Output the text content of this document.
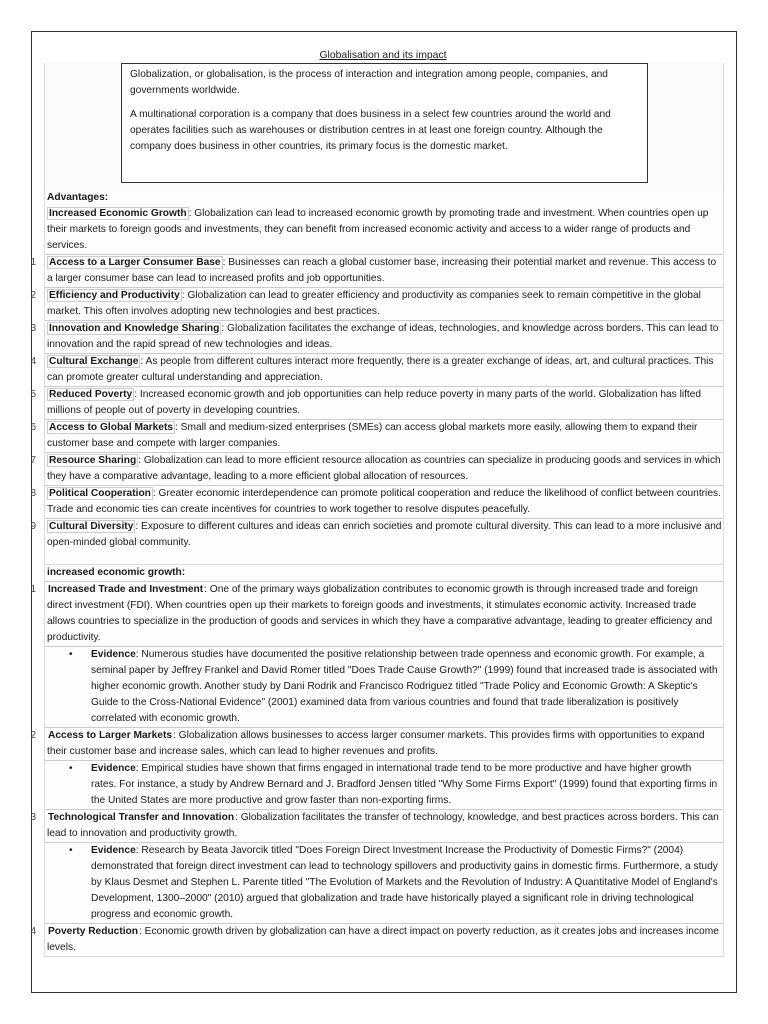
Globalisation and its impact

Globalization, or globalisation, is the process of interaction and integration among people, companies, and governments worldwide.

A multinational corporation is a company that does business in a select few countries around the world and operates facilities such as warehouses or distribution centres in at least one foreign country. Although the company does business in other countries, its primary focus is the domestic market.

Advantages:
Increased Economic Growth : Globalization can lead to increased economic growth by promoting trade and investment. When countries open up their markets to foreign goods and investments, they can benefit from increased economic activity and access to a wider range of products and services.
1 Access to a Larger Consumer Base : Businesses can reach a global customer base, increasing their potential market and revenue. This access to a larger consumer base can lead to increased profits and job opportunities.
2 Efficiency and Productivity : Globalization can lead to greater efficiency and productivity as companies seek to remain competitive in the global market. This often involves adopting new technologies and best practices.
3 Innovation and Knowledge Sharing : Globalization facilitates the exchange of ideas, technologies, and knowledge across borders. This can lead to innovation and the rapid spread of new technologies and ideas.
4 Cultural Exchange : As people from different cultures interact more frequently, there is a greater exchange of ideas, art, and cultural practices. This can promote greater cultural understanding and appreciation.
5 Reduced Poverty : Increased economic growth and job opportunities can help reduce poverty in many parts of the world. Globalization has lifted millions of people out of poverty in developing countries.
6 Access to Global Markets : Small and medium-sized enterprises (SMEs) can access global markets more easily, allowing them to expand their customer base and compete with larger companies.
7 Resource Sharing : Globalization can lead to more efficient resource allocation as countries can specialize in producing goods and services in which they have a comparative advantage, leading to a more efficient global allocation of resources.
8 Political Cooperation : Greater economic interdependence can promote political cooperation and reduce the likelihood of conflict between countries. Trade and economic ties can create incentives for countries to work together to resolve disputes peacefully.
9 Cultural Diversity : Exposure to different cultures and ideas can enrich societies and promote cultural diversity. This can lead to a more inclusive and open-minded global community.
increased economic growth:
1 Increased Trade and Investment: One of the primary ways globalization contributes to economic growth is through increased trade and foreign direct investment (FDI). When countries open up their markets to foreign goods and investments, it stimulates economic activity. Increased trade allows countries to specialize in the production of goods and services in which they have a comparative advantage, leading to greater efficiency and productivity.
• Evidence: Numerous studies have documented the positive relationship between trade openness and economic growth. For example, a seminal paper by Jeffrey Frankel and David Romer titled "Does Trade Cause Growth?" (1999) found that increased trade is associated with higher economic growth. Another study by Dani Rodrik and Francisco Rodriguez titled "Trade Policy and Economic Growth: A Skeptic's Guide to the Cross-National Evidence" (2001) examined data from various countries and found that trade liberalization is positively correlated with economic growth.
2 Access to Larger Markets: Globalization allows businesses to access larger consumer markets. This provides firms with opportunities to expand their customer base and increase sales, which can lead to higher revenues and profits.
• Evidence: Empirical studies have shown that firms engaged in international trade tend to be more productive and have higher growth rates. For instance, a study by Andrew Bernard and J. Bradford Jensen titled "Why Some Firms Export" (1999) found that exporting firms in the United States are more productive and grow faster than non-exporting firms.
3 Technological Transfer and Innovation: Globalization facilitates the transfer of technology, knowledge, and best practices across borders. This can lead to innovation and productivity growth.
• Evidence: Research by Beata Javorcik titled "Does Foreign Direct Investment Increase the Productivity of Domestic Firms?" (2004) demonstrated that foreign direct investment can lead to technology spillovers and productivity gains in domestic firms. Furthermore, a study by Klaus Desmet and Stephen L. Parente titled "The Evolution of Markets and the Revolution of Industry: A Quantitative Model of England's Development, 1300–2000" (2010) argued that globalization and trade have historically played a significant role in driving technological progress and economic growth.
4 Poverty Reduction: Economic growth driven by globalization can have a direct impact on poverty reduction, as it creates jobs and increases income levels.
